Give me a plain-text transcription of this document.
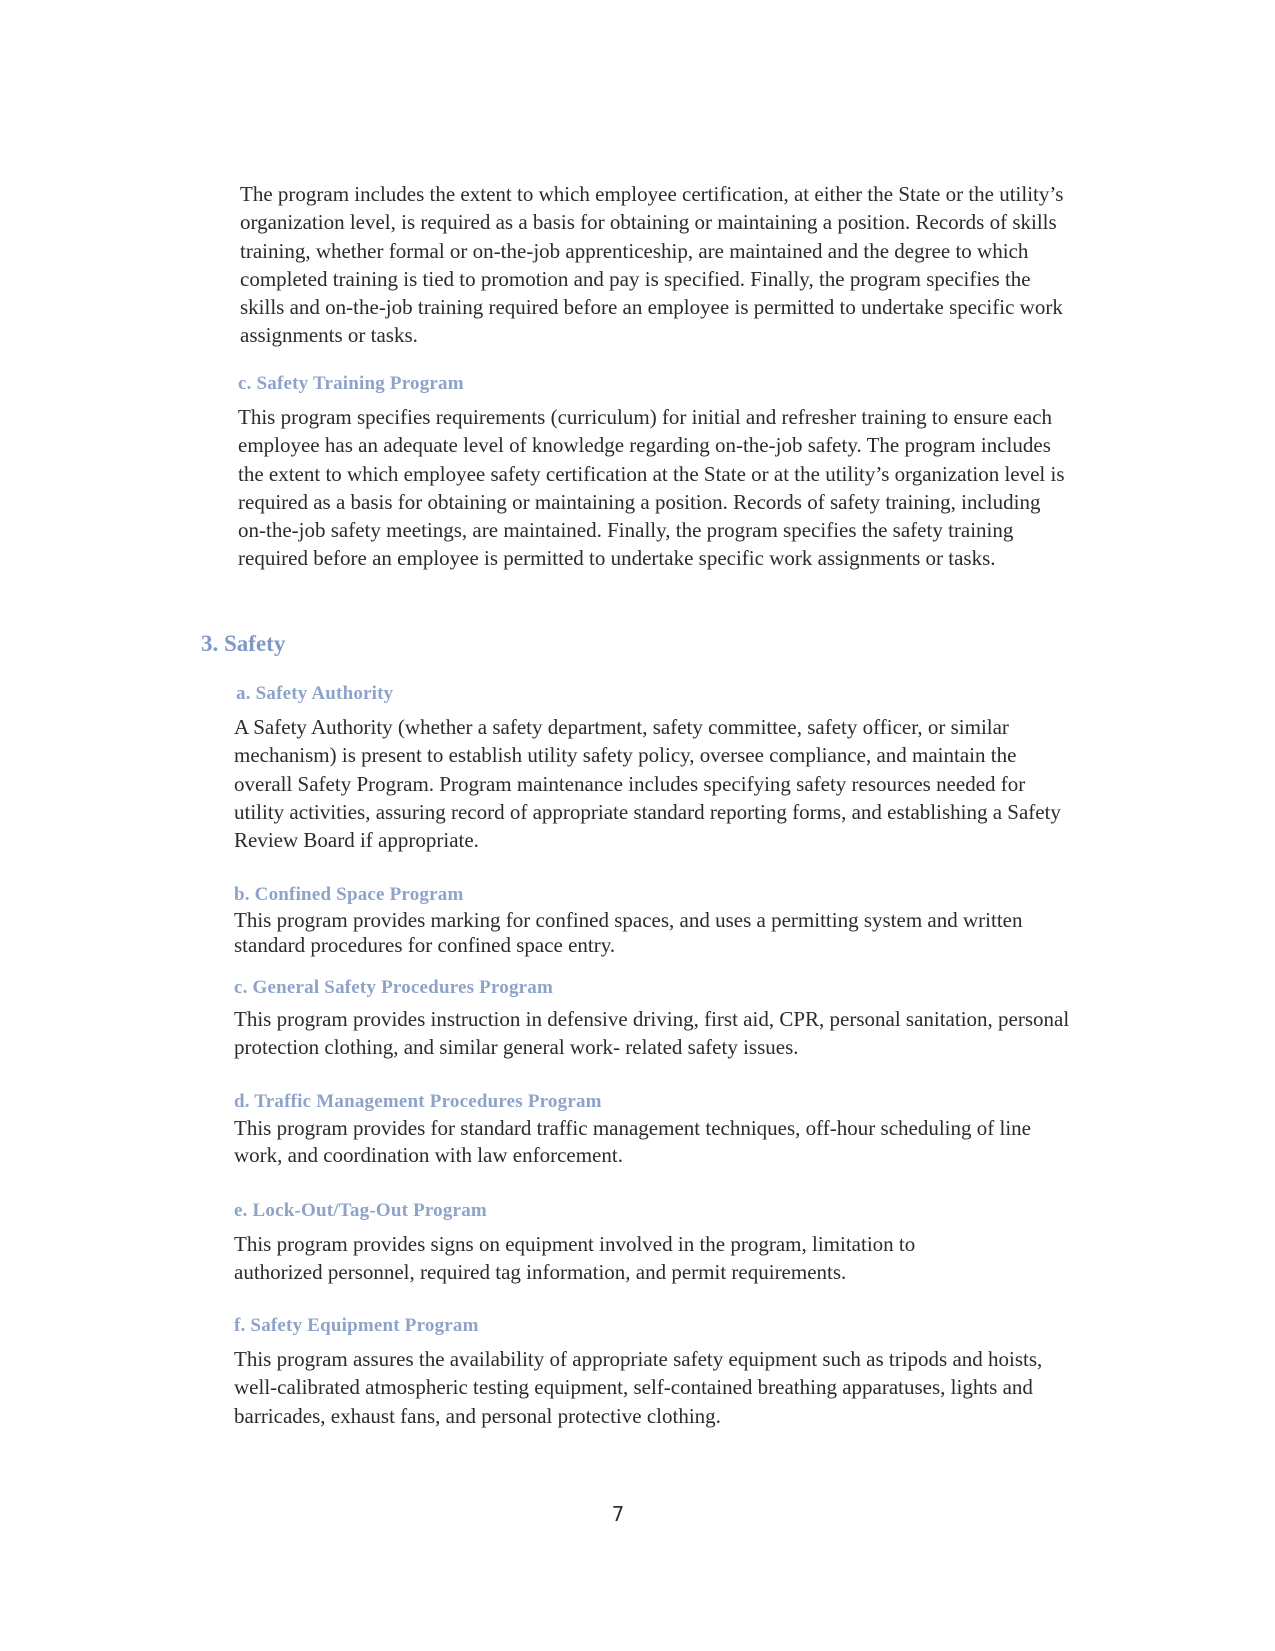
The program includes the extent to which employee certification, at either the State or the utility’s organization level, is required as a basis for obtaining or maintaining a position. Records of skills training, whether formal or on-the-job apprenticeship, are maintained and the degree to which completed training is tied to promotion and pay is specified. Finally, the program specifies the skills and on-the-job training required before an employee is permitted to undertake specific work assignments or tasks.

c. Safety Training Program

This program specifies requirements (curriculum) for initial and refresher training to ensure each employee has an adequate level of knowledge regarding on-the-job safety. The program includes the extent to which employee safety certification at the State or at the utility’s organization level is required as a basis for obtaining or maintaining a position. Records of safety training, including on-the-job safety meetings, are maintained. Finally, the program specifies the safety training required before an employee is permitted to undertake specific work assignments or tasks.

3. Safety

a. Safety Authority

A Safety Authority (whether a safety department, safety committee, safety officer, or similar mechanism) is present to establish utility safety policy, oversee compliance, and maintain the overall Safety Program. Program maintenance includes specifying safety resources needed for utility activities, assuring record of appropriate standard reporting forms, and establishing a Safety Review Board if appropriate.

b. Confined Space Program

This program provides marking for confined spaces, and uses a permitting system and written standard procedures for confined space entry.

c. General Safety Procedures Program

This program provides instruction in defensive driving, first aid, CPR, personal sanitation, personal protection clothing, and similar general work- related safety issues.

d. Traffic Management Procedures Program

This program provides for standard traffic management techniques, off-hour scheduling of line work, and coordination with law enforcement.

e. Lock-Out/Tag-Out Program

This program provides signs on equipment involved in the program, limitation to authorized personnel, required tag information, and permit requirements.

f. Safety Equipment Program

This program assures the availability of appropriate safety equipment such as tripods and hoists, well-calibrated atmospheric testing equipment, self-contained breathing apparatuses, lights and barricades, exhaust fans, and personal protective clothing.

7
